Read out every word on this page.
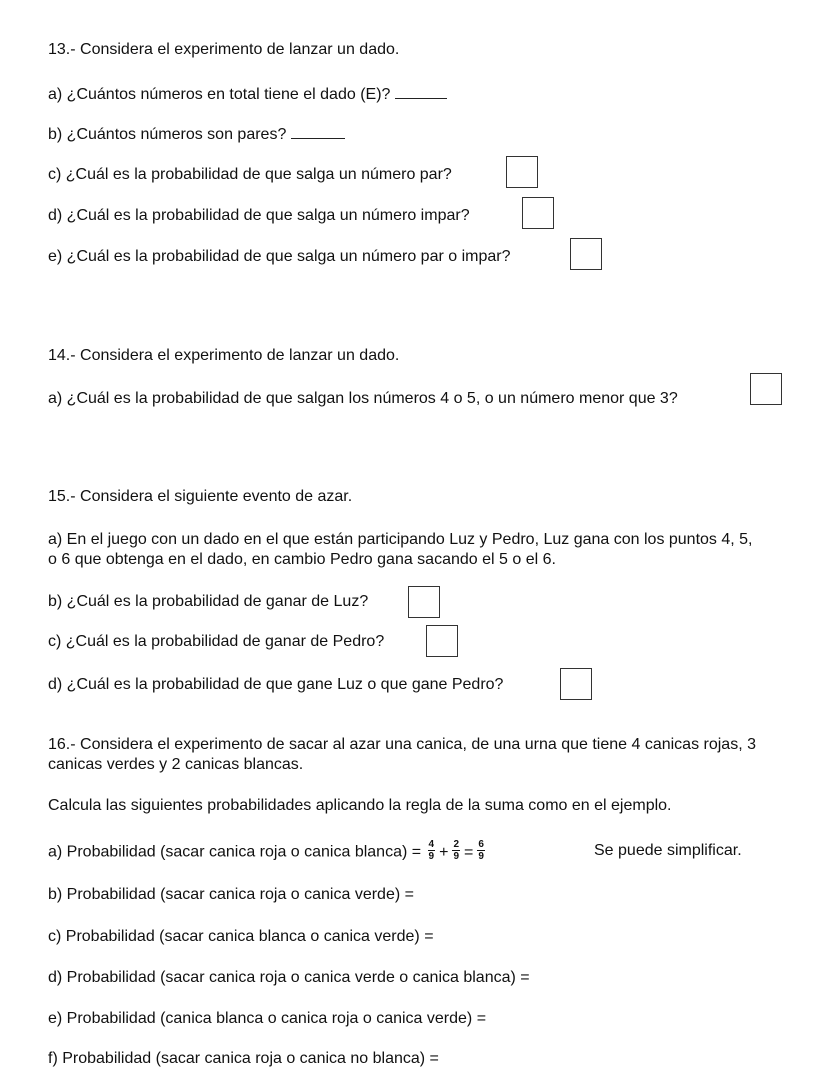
13.- Considera el experimento de lanzar un dado.
a) ¿Cuántos números en total tiene el dado (E)?
b) ¿Cuántos números son pares?
c) ¿Cuál es la probabilidad de que salga un número par?
d) ¿Cuál es la probabilidad de que salga un número impar?
e) ¿Cuál es la probabilidad de que salga un número par o impar?
14.- Considera el experimento de lanzar un dado.
a) ¿Cuál es la probabilidad de que salgan los números 4 o 5, o un número menor que 3?
15.- Considera el siguiente evento de azar.
a) En el juego con un dado en el que están participando Luz y Pedro, Luz gana con los puntos 4, 5, o 6 que obtenga en el dado, en cambio Pedro gana sacando el 5 o el 6.
b) ¿Cuál es la probabilidad de ganar de Luz?
c) ¿Cuál es la probabilidad de ganar de Pedro?
d) ¿Cuál es la probabilidad de que gane Luz o que gane Pedro?
16.- Considera el experimento de sacar al azar una canica, de una urna que tiene 4 canicas rojas, 3 canicas verdes y 2 canicas blancas.
Calcula las siguientes probabilidades aplicando la regla de la suma como en el ejemplo.
a) Probabilidad (sacar canica roja o canica blanca) = $\frac{4}{9} + \frac{2}{9} = \frac{6}{9}$	Se puede simplificar.
b) Probabilidad (sacar canica roja o canica verde) =
c) Probabilidad (sacar canica blanca o canica verde) =
d) Probabilidad (sacar canica roja o canica verde o canica blanca) =
e) Probabilidad (canica blanca o canica roja o canica verde) =
f) Probabilidad (sacar canica roja o canica no blanca) =
